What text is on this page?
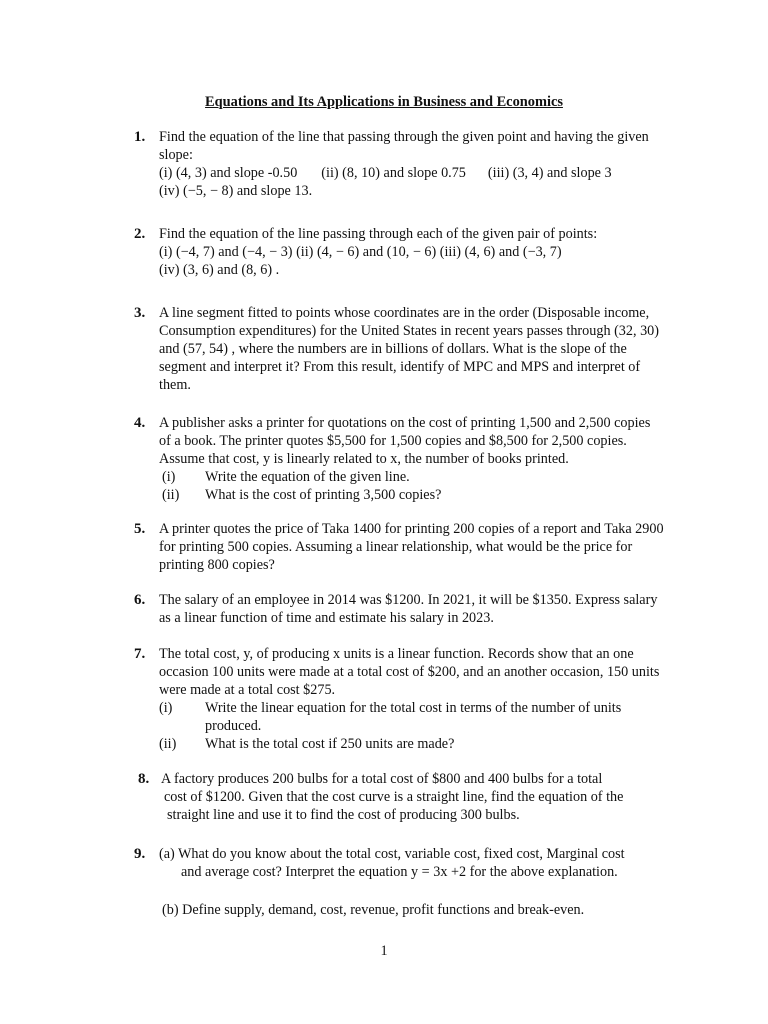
Equations and Its Applications in Business and Economics
1. Find the equation of the line that passing through the given point and having the given slope:
(i) (4, 3) and slope -0.50 (ii) (8, 10) and slope 0.75 (iii) (3, 4) and slope 3
(iv) (−5, − 8) and slope 13.
2. Find the equation of the line passing through each of the given pair of points:
(i) (−4, 7) and (−4, − 3) (ii) (4, − 6) and (10, − 6) (iii) (4, 6) and (−3, 7)
(iv) (3, 6) and (8, 6) .
3. A line segment fitted to points whose coordinates are in the order (Disposable income, Consumption expenditures) for the United States in recent years passes through (32, 30) and (57, 54) , where the numbers are in billions of dollars. What is the slope of the segment and interpret it? From this result, identify of MPC and MPS and interpret of them.
4. A publisher asks a printer for quotations on the cost of printing 1,500 and 2,500 copies of a book. The printer quotes $5,500 for 1,500 copies and $8,500 for 2,500 copies. Assume that cost, y is linearly related to x, the number of books printed.
(i)	Write the equation of the given line.
(ii)	What is the cost of printing 3,500 copies?
5. A printer quotes the price of Taka 1400 for printing 200 copies of a report and Taka 2900 for printing 500 copies. Assuming a linear relationship, what would be the price for printing 800 copies?
6. The salary of an employee in 2014 was $1200. In 2021, it will be $1350. Express salary as a linear function of time and estimate his salary in 2023.
7. The total cost, y, of producing x units is a linear function. Records show that an one occasion 100 units were made at a total cost of $200, and an another occasion, 150 units were made at a total cost $275.
(i)	Write the linear equation for the total cost in terms of the number of units produced.
(ii)	What is the total cost if 250 units are made?
8. A factory produces 200 bulbs for a total cost of $800 and 400 bulbs for a total
cost of $1200. Given that the cost curve is a straight line, find the equation of the
straight line and use it to find the cost of producing 300 bulbs.
9. (a) What do you know about the total cost, variable cost, fixed cost, Marginal cost
and average cost? Interpret the equation y = 3x +2 for the above explanation.
(b) Define supply, demand, cost, revenue, profit functions and break-even.
1
